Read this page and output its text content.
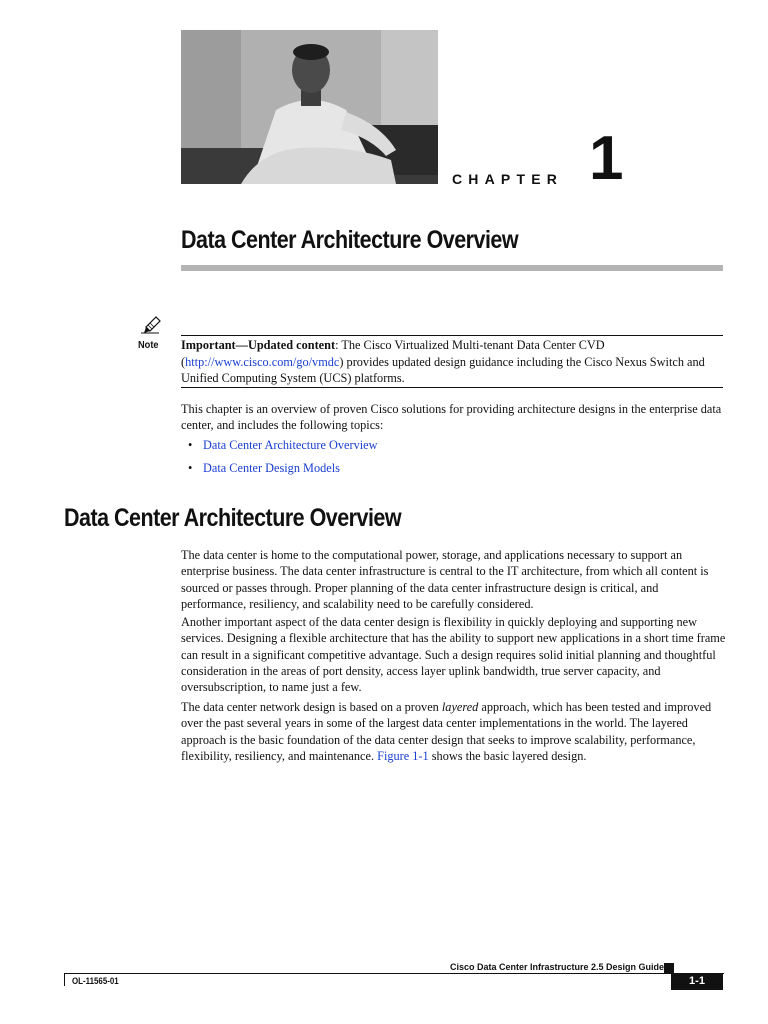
CHAPTER 1
Data Center Architecture Overview
Note Important—Updated content: The Cisco Virtualized Multi-tenant Data Center CVD (http://www.cisco.com/go/vmdc) provides updated design guidance including the Cisco Nexus Switch and Unified Computing System (UCS) platforms.
This chapter is an overview of proven Cisco solutions for providing architecture designs in the enterprise data center, and includes the following topics:
• Data Center Architecture Overview
• Data Center Design Models
Data Center Architecture Overview
The data center is home to the computational power, storage, and applications necessary to support an enterprise business. The data center infrastructure is central to the IT architecture, from which all content is sourced or passes through. Proper planning of the data center infrastructure design is critical, and performance, resiliency, and scalability need to be carefully considered.
Another important aspect of the data center design is flexibility in quickly deploying and supporting new services. Designing a flexible architecture that has the ability to support new applications in a short time frame can result in a significant competitive advantage. Such a design requires solid initial planning and thoughtful consideration in the areas of port density, access layer uplink bandwidth, true server capacity, and oversubscription, to name just a few.
The data center network design is based on a proven layered approach, which has been tested and improved over the past several years in some of the largest data center implementations in the world. The layered approach is the basic foundation of the data center design that seeks to improve scalability, performance, flexibility, resiliency, and maintenance. Figure 1-1 shows the basic layered design.
Cisco Data Center Infrastructure 2.5 Design Guide
OL-11565-01	1-1
